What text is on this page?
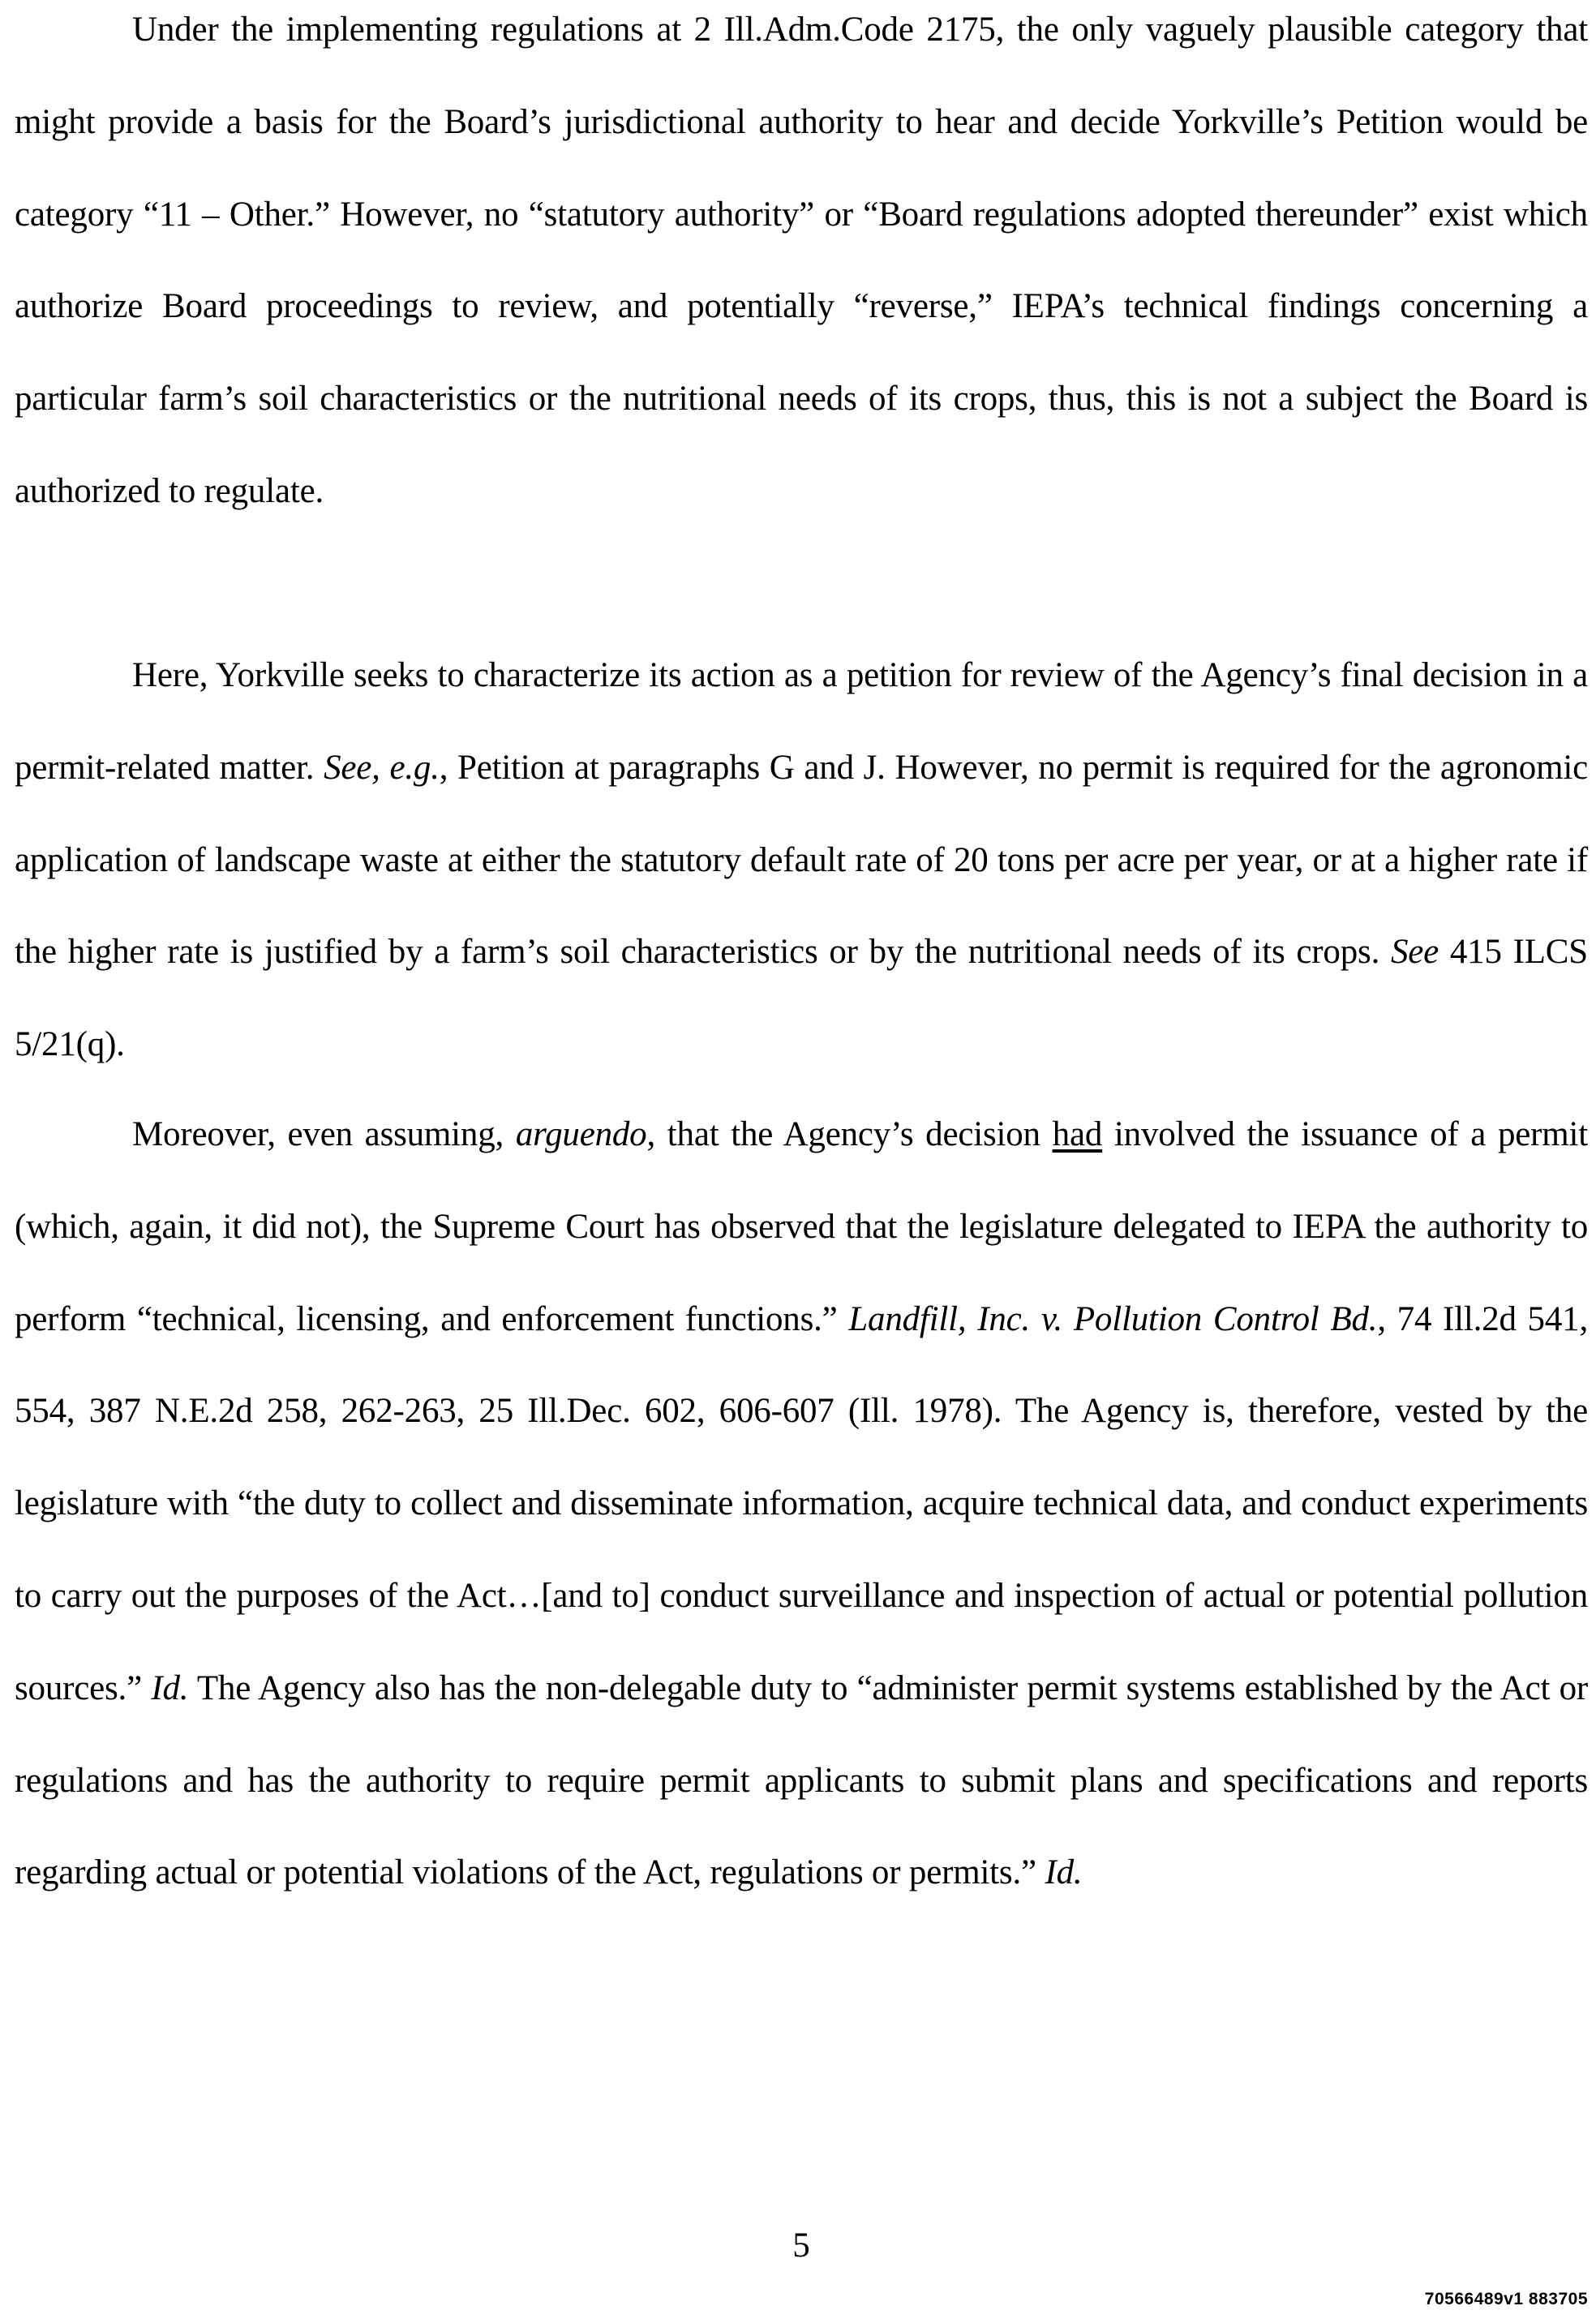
Under the implementing regulations at 2 Ill.Adm.Code 2175, the only vaguely plausible category that might provide a basis for the Board’s jurisdictional authority to hear and decide Yorkville’s Petition would be category “11 – Other.” However, no “statutory authority” or “Board regulations adopted thereunder” exist which authorize Board proceedings to review, and potentially “reverse,” IEPA’s technical findings concerning a particular farm’s soil characteristics or the nutritional needs of its crops, thus, this is not a subject the Board is authorized to regulate.

Here, Yorkville seeks to characterize its action as a petition for review of the Agency’s final decision in a permit-related matter. See, e.g., Petition at paragraphs G and J. However, no permit is required for the agronomic application of landscape waste at either the statutory default rate of 20 tons per acre per year, or at a higher rate if the higher rate is justified by a farm’s soil characteristics or by the nutritional needs of its crops. See 415 ILCS 5/21(q).

Moreover, even assuming, arguendo, that the Agency’s decision had involved the issuance of a permit (which, again, it did not), the Supreme Court has observed that the legislature delegated to IEPA the authority to perform “technical, licensing, and enforcement functions.” Landfill, Inc. v. Pollution Control Bd., 74 Ill.2d 541, 554, 387 N.E.2d 258, 262-263, 25 Ill.Dec. 602, 606-607 (Ill. 1978). The Agency is, therefore, vested by the legislature with “the duty to collect and disseminate information, acquire technical data, and conduct experiments to carry out the purposes of the Act…[and to] conduct surveillance and inspection of actual or potential pollution sources.” Id. The Agency also has the non-delegable duty to “administer permit systems established by the Act or regulations and has the authority to require permit applicants to submit plans and specifications and reports regarding actual or potential violations of the Act, regulations or permits.” Id.

5
70566489v1 883705
